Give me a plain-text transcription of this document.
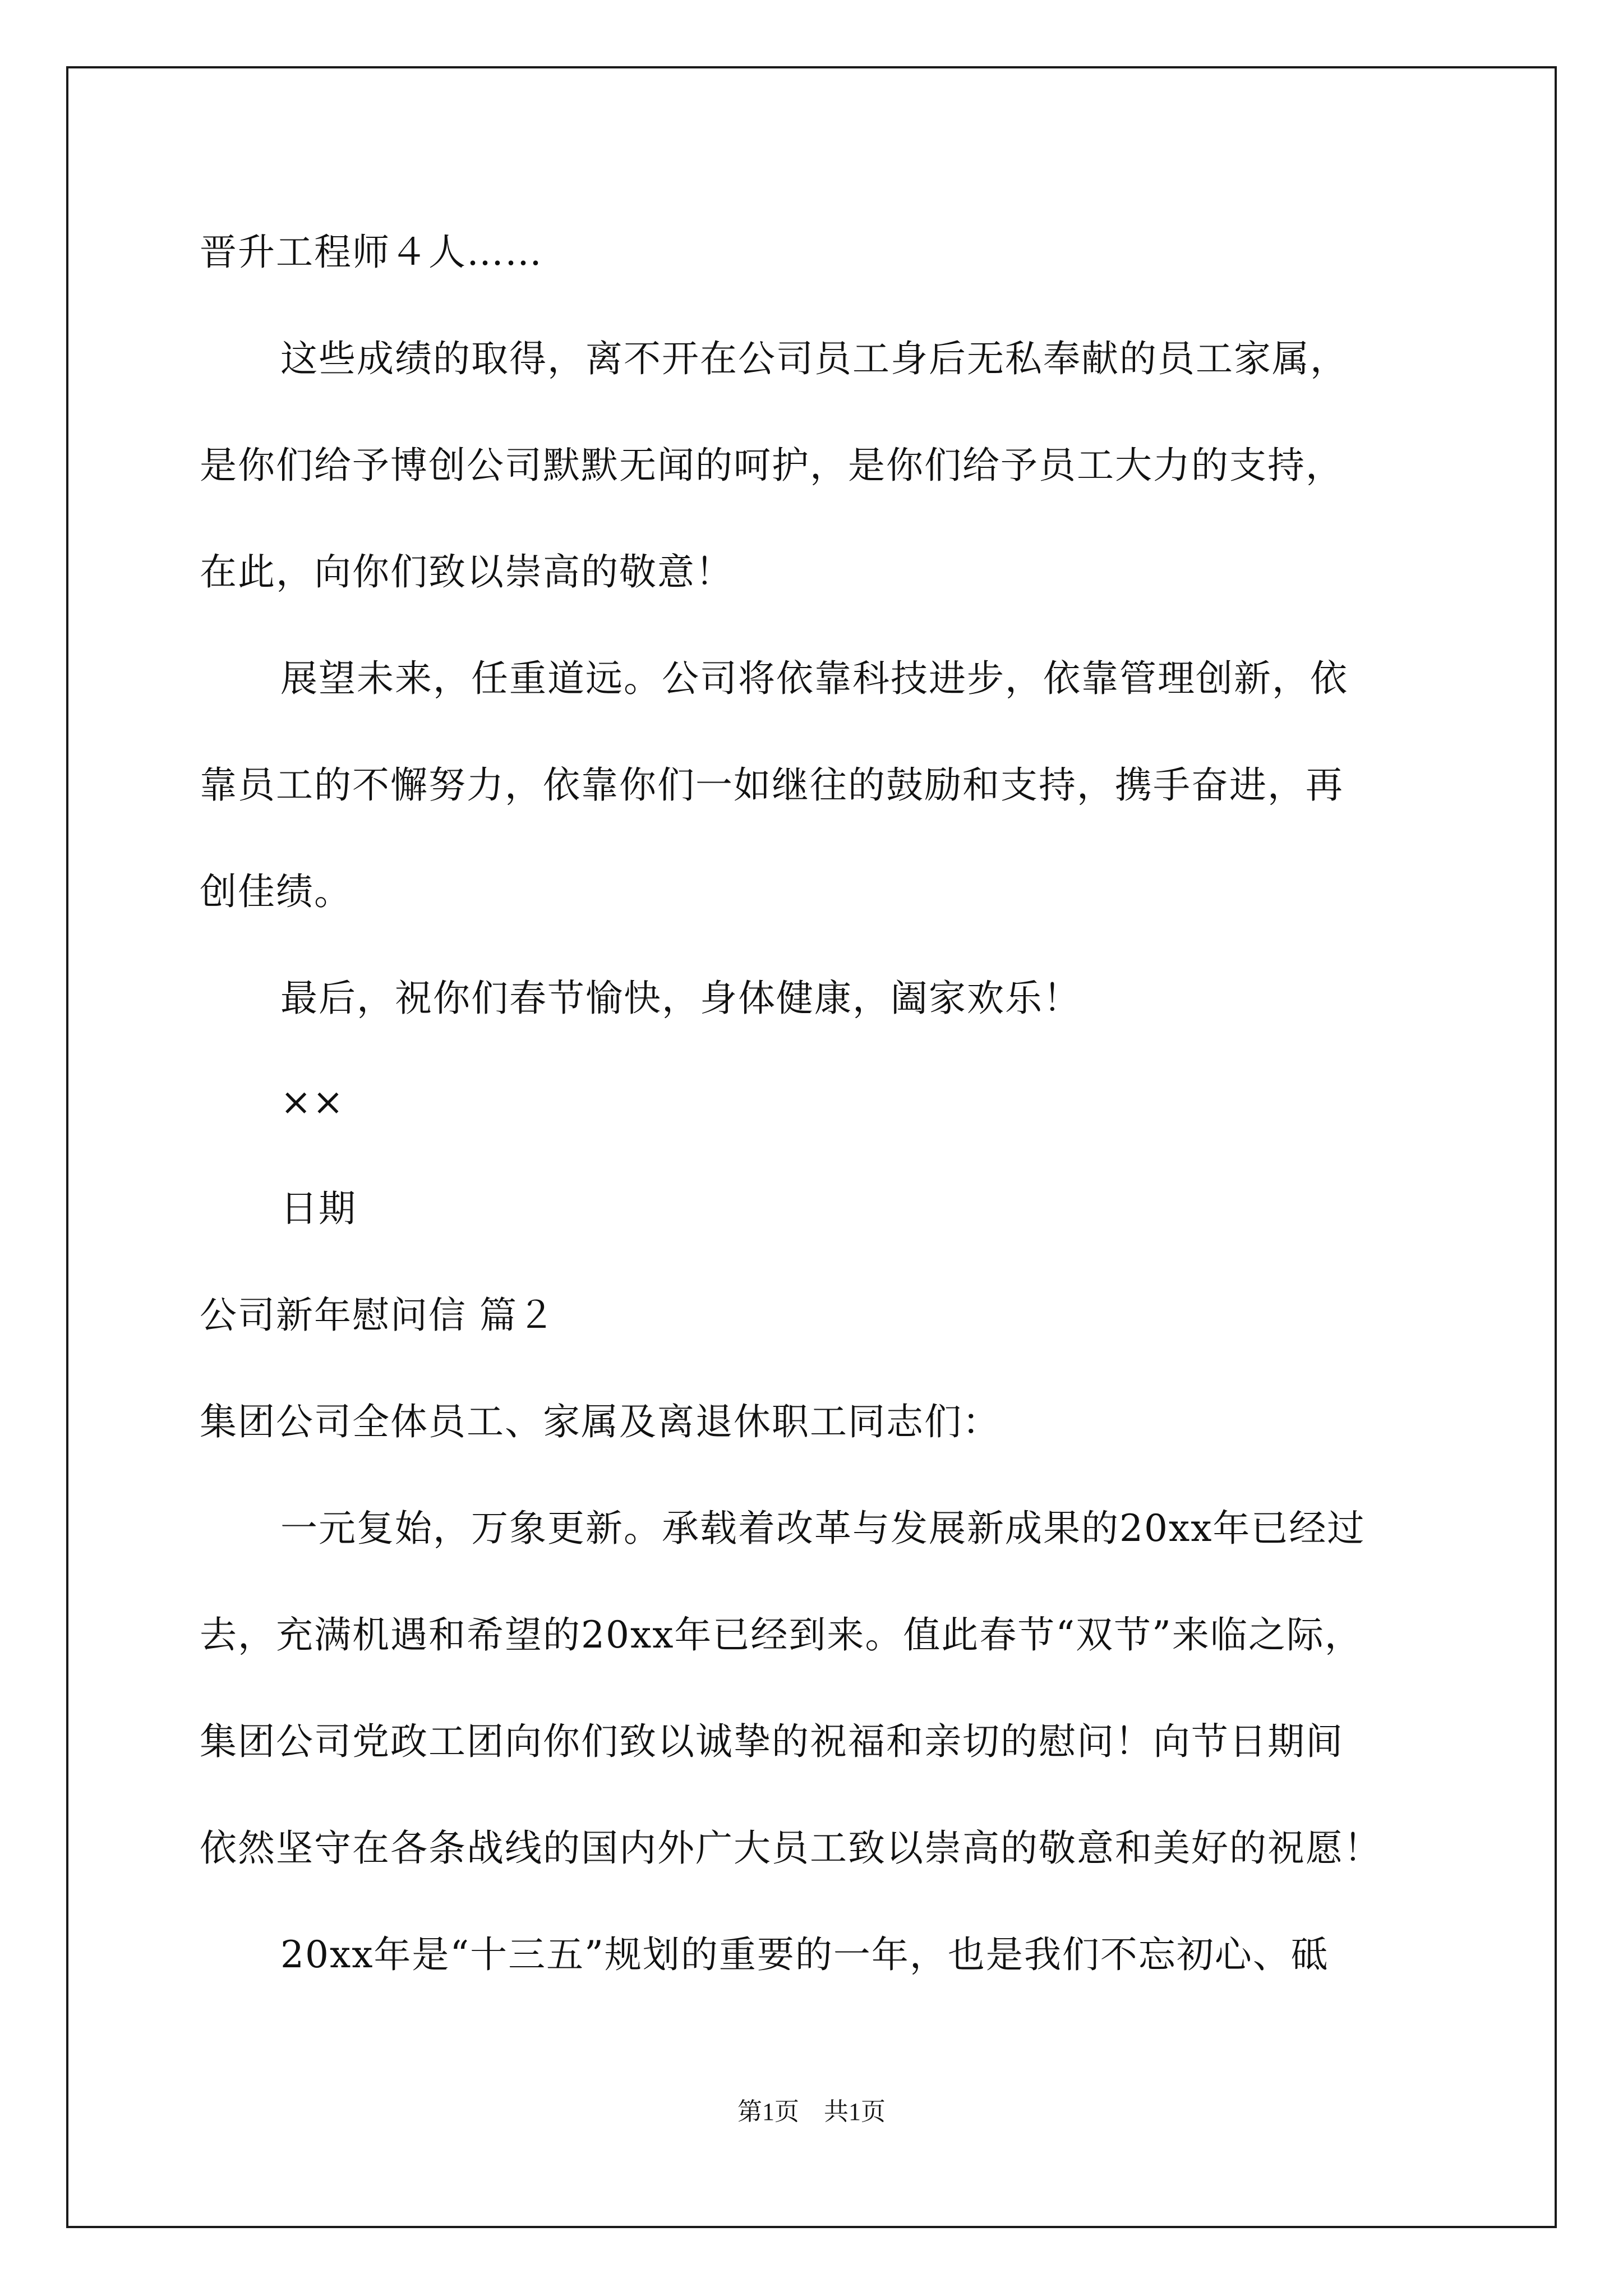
晋升工程师４人……
这些成绩的取得，离不开在公司员工身后无私奉献的员工家属，
是你们给予博创公司默默无闻的呵护，是你们给予员工大力的支持，
在此，向你们致以崇高的敬意！
展望未来，任重道远。公司将依靠科技进步，依靠管理创新，依
靠员工的不懈努力，依靠你们一如继往的鼓励和支持，携手奋进，再
创佳绩。
最后，祝你们春节愉快，身体健康，阖家欢乐！
××
日期
公司新年慰问信 篇２
集团公司全体员工、家属及离退休职工同志们：
一元复始，万象更新。承载着改革与发展新成果的20xx年已经过
去，充满机遇和希望的20xx年已经到来。值此春节“双节”来临之际，
集团公司党政工团向你们致以诚挚的祝福和亲切的慰问！向节日期间
依然坚守在各条战线的国内外广大员工致以崇高的敬意和美好的祝愿！
20xx年是“十三五”规划的重要的一年，也是我们不忘初心、砥
第1页　共1页
